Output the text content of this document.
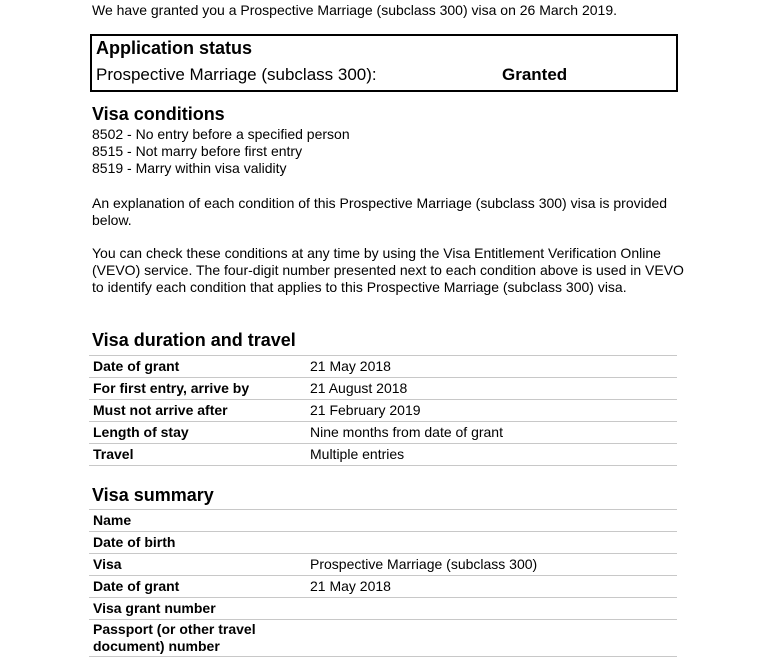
We have granted you a Prospective Marriage (subclass 300) visa on 26 March 2019.
Application status
Prospective Marriage (subclass 300):	Granted
Visa conditions
8502 - No entry before a specified person
8515 - Not marry before first entry
8519 - Marry within visa validity

An explanation of each condition of this Prospective Marriage (subclass 300) visa is provided below.

You can check these conditions at any time by using the Visa Entitlement Verification Online (VEVO) service. The four-digit number presented next to each condition above is used in VEVO to identify each condition that applies to this Prospective Marriage (subclass 300) visa.

Visa duration and travel
Date of grant	21 May 2018
For first entry, arrive by	21 August 2018
Must not arrive after	21 February 2019
Length of stay	Nine months from date of grant
Travel	Multiple entries
Visa summary
Name	
Date of birth	
Visa	Prospective Marriage (subclass 300)
Date of grant	21 May 2018
Visa grant number	
Passport (or other travel document) number	
